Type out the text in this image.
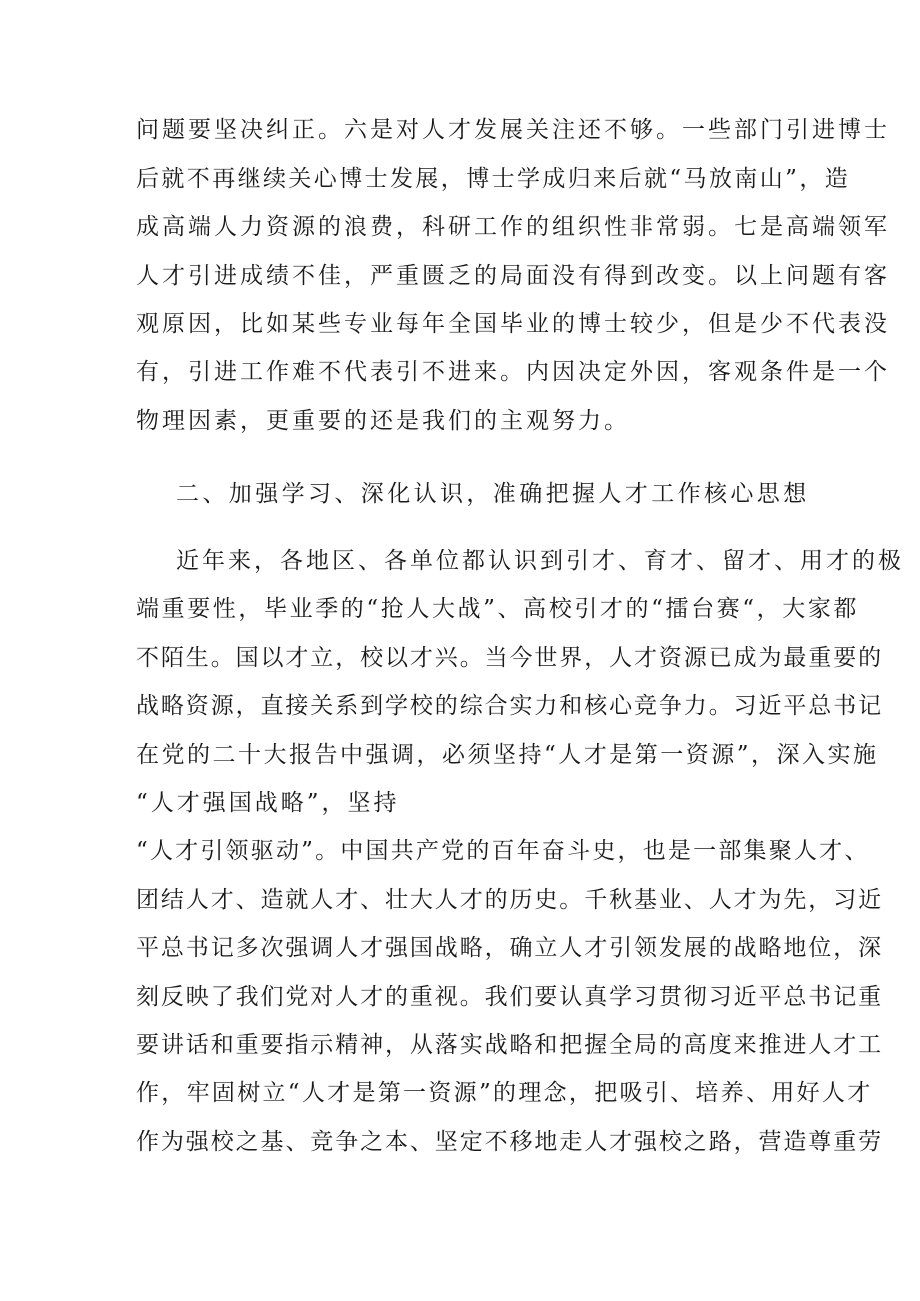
问题要坚决纠正。六是对人才发展关注还不够。一些部门引进博士
后就不再继续关心博士发展，博士学成归来后就“马放南山”，造
成高端人力资源的浪费，科研工作的组织性非常弱。七是高端领军
人才引进成绩不佳，严重匮乏的局面没有得到改变。以上问题有客
观原因，比如某些专业每年全国毕业的博士较少，但是少不代表没
有，引进工作难不代表引不进来。内因决定外因，客观条件是一个
物理因素，更重要的还是我们的主观努力。
二、加强学习、深化认识，准确把握人才工作核心思想
近年来，各地区、各单位都认识到引才、育才、留才、用才的极
端重要性，毕业季的“抢人大战”、高校引才的“擂台赛“，大家都
不陌生。国以才立，校以才兴。当今世界，人才资源已成为最重要的
战略资源，直接关系到学校的综合实力和核心竞争力。习近平总书记
在党的二十大报告中强调，必须坚持“人才是第一资源”，深入实施
“人才强国战略”，坚持
“人才引领驱动”。中国共产党的百年奋斗史，也是一部集聚人才、
团结人才、造就人才、壮大人才的历史。千秋基业、人才为先，习近
平总书记多次强调人才强国战略，确立人才引领发展的战略地位，深
刻反映了我们党对人才的重视。我们要认真学习贯彻习近平总书记重
要讲话和重要指示精神，从落实战略和把握全局的高度来推进人才工
作，牢固树立“人才是第一资源”的理念，把吸引、培养、用好人才
作为强校之基、竞争之本、坚定不移地走人才强校之路，营造尊重劳
